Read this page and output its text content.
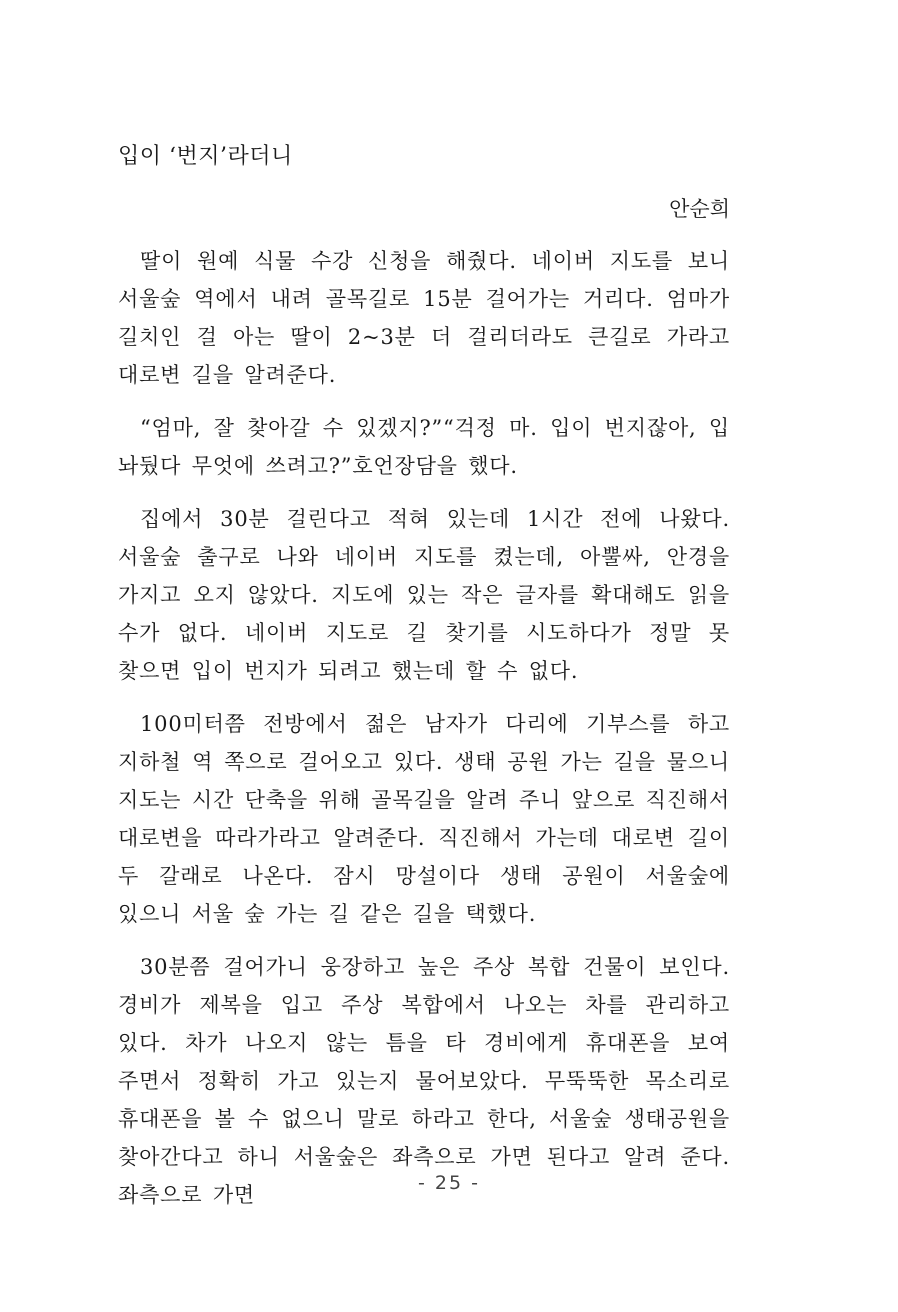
입이 ‘번지’라더니
안순희

딸이 원예 식물 수강 신청을 해줬다. 네이버 지도를 보니 서울숲 역에서 내려 골목길로 15분 걸어가는 거리다. 엄마가 길치인 걸 아는 딸이 2~3분 더 걸리더라도 큰길로 가라고 대로변 길을 알려준다.

“엄마, 잘 찾아갈 수 있겠지?”“걱정 마. 입이 번지잖아, 입 놔뒀다 무엇에 쓰려고?”호언장담을 했다.

집에서 30분 걸린다고 적혀 있는데 1시간 전에 나왔다. 서울숲 출구로 나와 네이버 지도를 켰는데, 아뿔싸, 안경을 가지고 오지 않았다. 지도에 있는 작은 글자를 확대해도 읽을 수가 없다. 네이버 지도로 길 찾기를 시도하다가 정말 못 찾으면 입이 번지가 되려고 했는데 할 수 없다.

100미터쯤 전방에서 젊은 남자가 다리에 기부스를 하고 지하철 역 쪽으로 걸어오고 있다. 생태 공원 가는 길을 물으니 지도는 시간 단축을 위해 골목길을 알려 주니 앞으로 직진해서 대로변을 따라가라고 알려준다. 직진해서 가는데 대로변 길이 두 갈래로 나온다. 잠시 망설이다 생태 공원이 서울숲에 있으니 서울 숲 가는 길 같은 길을 택했다.

30분쯤 걸어가니 웅장하고 높은 주상 복합 건물이 보인다. 경비가 제복을 입고 주상 복합에서 나오는 차를 관리하고 있다. 차가 나오지 않는 틈을 타 경비에게 휴대폰을 보여 주면서 정확히 가고 있는지 물어보았다. 무뚝뚝한 목소리로 휴대폰을 볼 수 없으니 말로 하라고 한다, 서울숲 생태공원을 찾아간다고 하니 서울숲은 좌측으로 가면 된다고 알려 준다. 좌측으로 가면	- 25 -
